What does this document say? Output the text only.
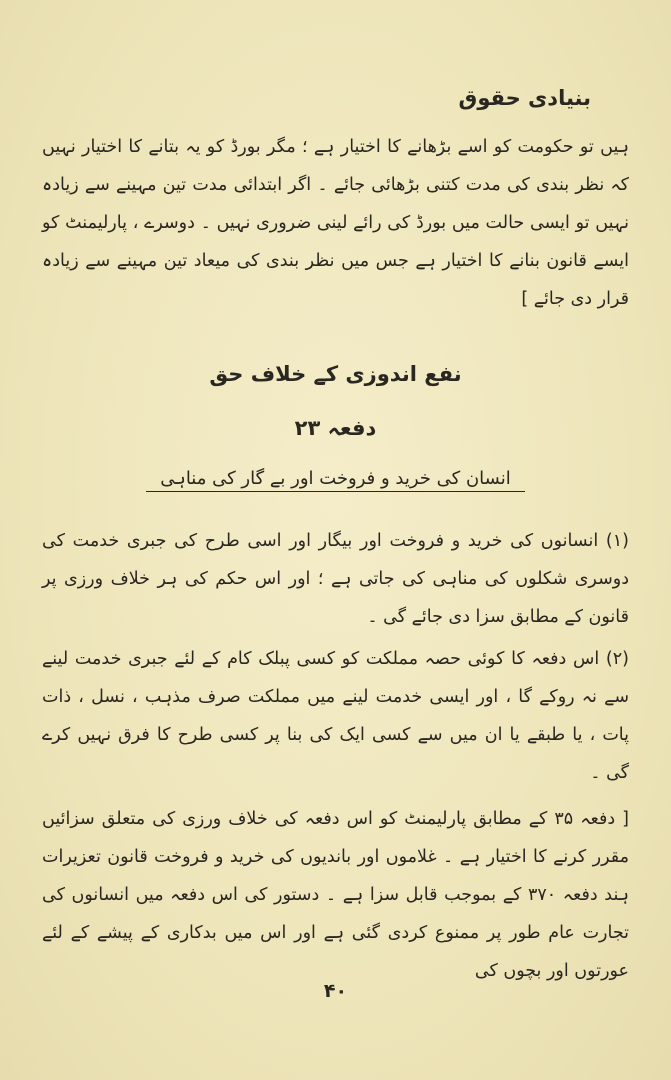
بنیادی حقوق
ہیں تو حکومت کو اسے بڑھانے کا اختیار ہے ؛ مگر بورڈ کو یہ بتانے کا اختیار نہیں کہ نظر بندی کی مدت کتنی بڑھائی جائے ۔ اگر ابتدائی مدت تین مہینے سے زیادہ نہیں تو ایسی حالت میں بورڈ کی رائے لینی ضروری نہیں ۔ دوسرے ، پارلیمنٹ کو ایسے قانون بنانے کا اختیار ہے جس میں نظر بندی کی میعاد تین مہینے سے زیادہ قرار دی جائے ]
نفع اندوزی کے خلاف حق
دفعہ ۲۳
انسان کی خرید و فروخت اور بے گار کی مناہی
(۱) انسانوں کی خرید و فروخت اور بیگار اور اسی طرح کی جبری خدمت کی دوسری شکلوں کی مناہی کی جاتی ہے ؛ اور اس حکم کی ہر خلاف ورزی پر قانون کے مطابق سزا دی جائے گی ۔
(۲) اس دفعہ کا کوئی حصہ مملکت کو کسی پبلک کام کے لئے جبری خدمت لینے سے نہ روکے گا ، اور ایسی خدمت لینے میں مملکت صرف مذہب ، نسل ، ذات پات ، یا طبقے یا ان میں سے کسی ایک کی بنا پر کسی طرح کا فرق نہیں کرے گی ۔
[ دفعہ ۳۵ کے مطابق پارلیمنٹ کو اس دفعہ کی خلاف ورزی کی متعلق سزائیں مقرر کرنے کا اختیار ہے ۔ غلاموں اور باندیوں کی خرید و فروخت قانون تعزیرات ہند دفعہ ۳۷۰ کے بموجب قابل سزا ہے ۔ دستور کی اس دفعہ میں انسانوں کی تجارت عام طور پر ممنوع کردی گئی ہے اور اس میں بدکاری کے پیشے کے لئے عورتوں اور بچوں کی
۴۰
